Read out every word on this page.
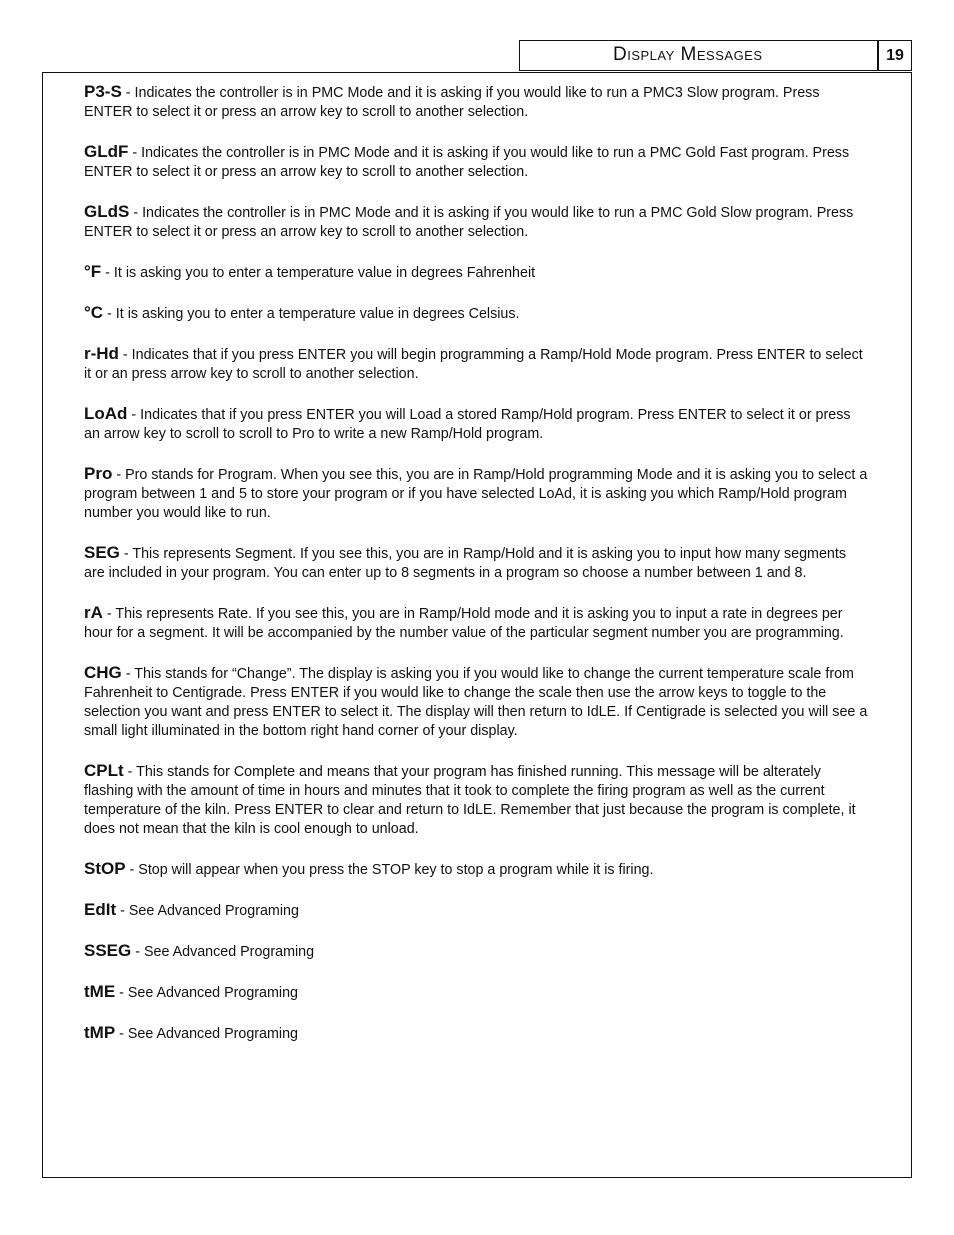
Display Messages	19

P3-S - Indicates the controller is in PMC Mode and it is asking if you would like to run a PMC3 Slow program. Press ENTER to select it or press an arrow key to scroll to another selection.

GLdF - Indicates the controller is in PMC Mode and it is asking if you would like to run a PMC Gold Fast program. Press ENTER to select it or press an arrow key to scroll to another selection.

GLdS - Indicates the controller is in PMC Mode and it is asking if you would like to run a PMC Gold Slow program. Press ENTER to select it or press an arrow key to scroll to another selection.

°F - It is asking you to enter a temperature value in degrees Fahrenheit

°C - It is asking you to enter a temperature value in degrees Celsius.

r-Hd - Indicates that if you press ENTER you will begin programming a Ramp/Hold Mode program. Press ENTER to select it or an press arrow key to scroll to another selection.

LoAd - Indicates that if you press ENTER you will Load a stored Ramp/Hold program. Press ENTER to select it or press an arrow key to scroll to scroll to Pro to write a new Ramp/Hold program.

Pro - Pro stands for Program. When you see this, you are in Ramp/Hold programming Mode and it is asking you to select a program between 1 and 5 to store your program or if you have selected LoAd, it is asking you which Ramp/Hold program number you would like to run.

SEG - This represents Segment. If you see this, you are in Ramp/Hold and it is asking you to input how many segments are included in your program. You can enter up to 8 segments in a program so choose a number between 1 and 8.

rA - This represents Rate. If you see this, you are in Ramp/Hold mode and it is asking you to input a rate in degrees per hour for a segment. It will be accompanied by the number value of the particular segment number you are programming.

CHG - This stands for “Change”. The display is asking you if you would like to change the current temperature scale from Fahrenheit to Centigrade. Press ENTER if you would like to change the scale then use the arrow keys to toggle to the selection you want and press ENTER to select it. The display will then return to IdLE. If Centigrade is selected you will see a small light illuminated in the bottom right hand corner of your display.

CPLt - This stands for Complete and means that your program has finished running. This message will be alterately flashing with the amount of time in hours and minutes that it took to complete the firing program as well as the current temperature of the kiln. Press ENTER to clear and return to IdLE. Remember that just because the program is complete, it does not mean that the kiln is cool enough to unload.

StOP - Stop will appear when you press the STOP key to stop a program while it is firing.

EdIt - See Advanced Programing

SSEG - See Advanced Programing

tME - See Advanced Programing

tMP - See Advanced Programing
